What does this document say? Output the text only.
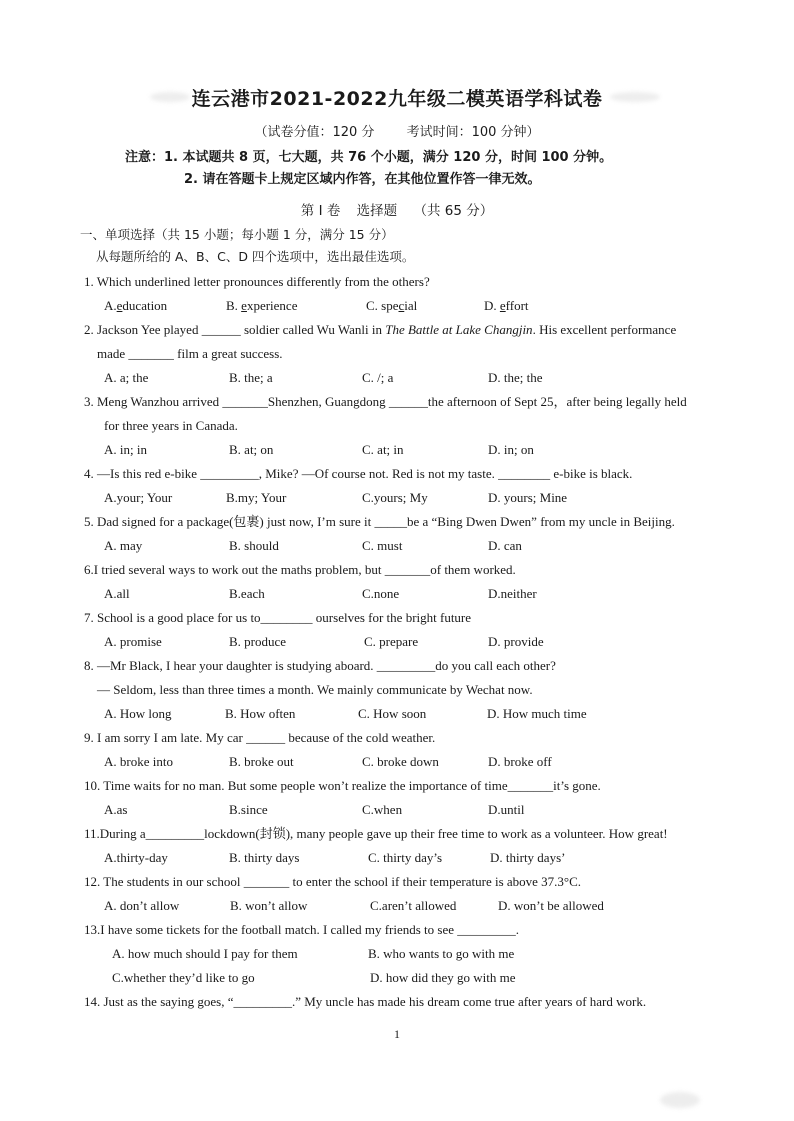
连云港市2021-2022九年级二模英语学科试卷
（试卷分值：120 分 考试时间：100 分钟）
注意：1. 本试题共 8 页，七大题，共 76 个小题，满分 120 分，时间 100 分钟。
2. 请在答题卡上规定区域内作答，在其他位置作答一律无效。
第 I 卷 选择题 （共 65 分）
一、单项选择（共 15 小题；每小题 1 分，满分 15 分）
从每题所给的 A、B、C、D 四个选项中，选出最佳选项。
1. Which underlined letter pronounces differently from the others?
A.education	B. experience	C. special	D. effort
2. Jackson Yee played ______ soldier called Wu Wanli in The Battle at Lake Changjin. His excellent performance
made _______ film a great success.
A. a; the	B. the; a	C. /; a	D. the; the
3. Meng Wanzhou arrived _______Shenzhen, Guangdong ______the afternoon of Sept 25，after being legally held
for three years in Canada.
A. in; in	B. at; on	C. at; in	D. in; on
4. —Is this red e-bike _________, Mike? —Of course not. Red is not my taste. ________ e-bike is black.
A.your; Your	B.my; Your	C.yours; My	D. yours; Mine
5. Dad signed for a package(包裹) just now, I’m sure it _____be a “Bing Dwen Dwen” from my uncle in Beijing.
A. may	B. should	C. must	D. can
6.I tried several ways to work out the maths problem, but _______of them worked.
A.all	B.each	C.none	D.neither
7. School is a good place for us to________ ourselves for the bright future
A. promise	B. produce	C. prepare	D. provide
8. —Mr Black, I hear your daughter is studying aboard. _________do you call each other?
— Seldom, less than three times a month. We mainly communicate by Wechat now.
A. How long	B. How often	C. How soon	D. How much time
9. I am sorry I am late. My car ______ because of the cold weather.
A. broke into	B. broke out	C. broke down	D. broke off
10. Time waits for no man. But some people won’t realize the importance of time_______it’s gone.
A.as	B.since	C.when	D.until
11.During a_________lockdown(封锁), many people gave up their free time to work as a volunteer. How great!
A.thirty-day	B. thirty days	C. thirty day’s	D. thirty days’
12. The students in our school _______ to enter the school if their temperature is above 37.3°C.
A. don’t allow	B. won’t allow	C.aren’t allowed	D. won’t be allowed
13.I have some tickets for the football match. I called my friends to see _________.
A. how much should I pay for them	B. who wants to go with me
C.whether they’d like to go	D. how did they go with me
14. Just as the saying goes, “_________.” My uncle has made his dream come true after years of hard work.
1
